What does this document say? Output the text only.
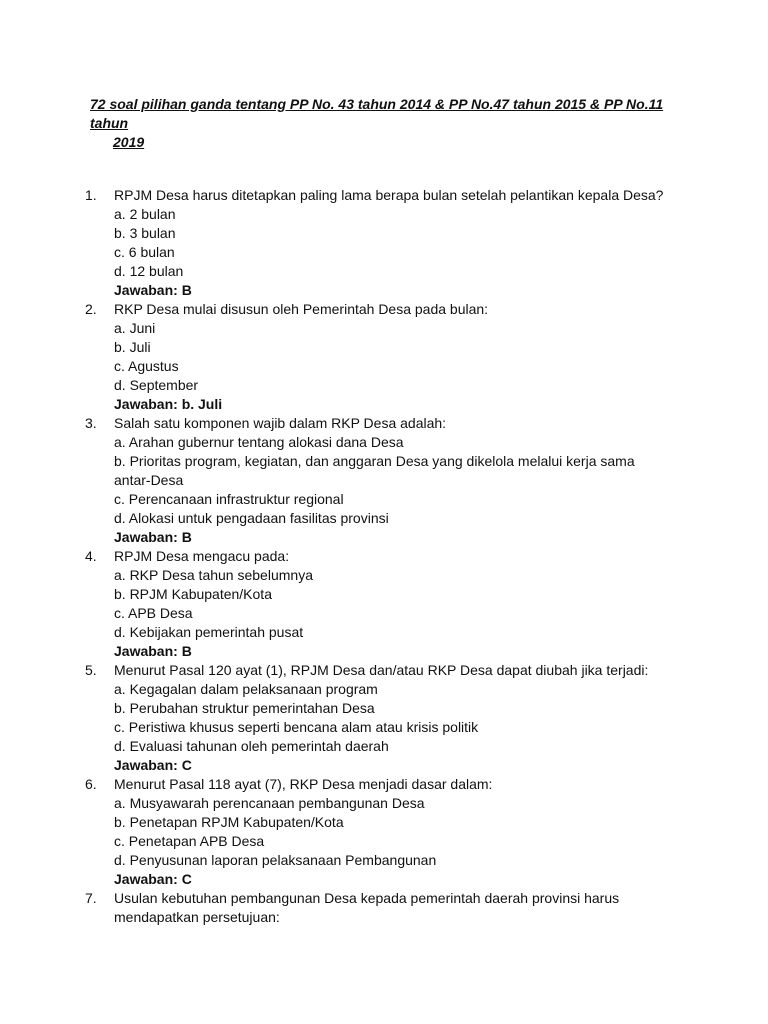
72 soal pilihan ganda tentang PP No. 43 tahun 2014 & PP No.47 tahun 2015 & PP No.11 tahun
2019
1. RPJM Desa harus ditetapkan paling lama berapa bulan setelah pelantikan kepala Desa?
a. 2 bulan
b. 3 bulan
c. 6 bulan
d. 12 bulan
Jawaban: B
2. RKP Desa mulai disusun oleh Pemerintah Desa pada bulan:
a. Juni
b. Juli
c. Agustus
d. September
Jawaban: b. Juli
3. Salah satu komponen wajib dalam RKP Desa adalah:
a. Arahan gubernur tentang alokasi dana Desa
b. Prioritas program, kegiatan, dan anggaran Desa yang dikelola melalui kerja sama antar-Desa
c. Perencanaan infrastruktur regional
d. Alokasi untuk pengadaan fasilitas provinsi
Jawaban: B
4. RPJM Desa mengacu pada:
a. RKP Desa tahun sebelumnya
b. RPJM Kabupaten/Kota
c. APB Desa
d. Kebijakan pemerintah pusat
Jawaban: B
5. Menurut Pasal 120 ayat (1), RPJM Desa dan/atau RKP Desa dapat diubah jika terjadi:
a. Kegagalan dalam pelaksanaan program
b. Perubahan struktur pemerintahan Desa
c. Peristiwa khusus seperti bencana alam atau krisis politik
d. Evaluasi tahunan oleh pemerintah daerah
Jawaban: C
6. Menurut Pasal 118 ayat (7), RKP Desa menjadi dasar dalam:
a. Musyawarah perencanaan pembangunan Desa
b. Penetapan RPJM Kabupaten/Kota
c. Penetapan APB Desa
d. Penyusunan laporan pelaksanaan Pembangunan
Jawaban: C
7. Usulan kebutuhan pembangunan Desa kepada pemerintah daerah provinsi harus mendapatkan persetujuan:
